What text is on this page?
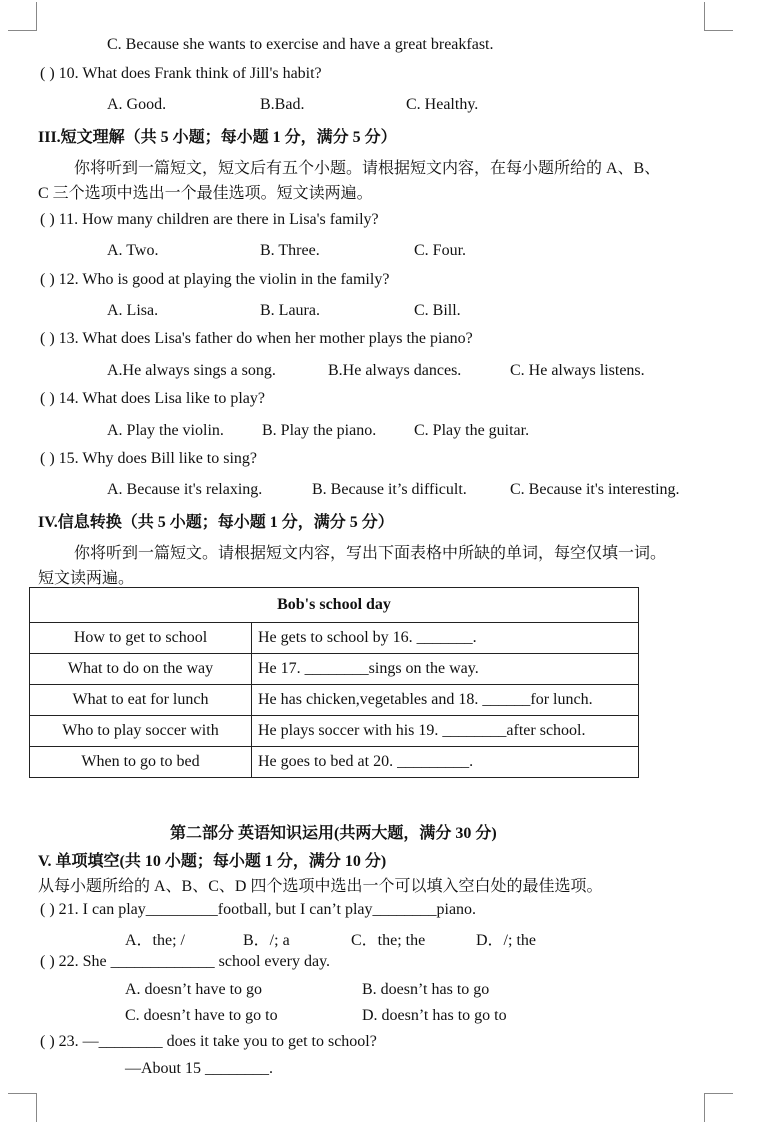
C. Because she wants to exercise and have a great breakfast.
( ) 10. What does Frank think of Jill's habit?
A. Good.	B.Bad.	C. Healthy.
III.短文理解（共 5 小题；每小题 1 分，满分 5 分）
你将听到一篇短文，短文后有五个小题。请根据短文内容，在每小题所给的 A、B、
C 三个选项中选出一个最佳选项。短文读两遍。
( ) 11. How many children are there in Lisa's family?
A. Two.	B. Three.	C. Four.
( ) 12. Who is good at playing the violin in the family?
A. Lisa.	B. Laura.	C. Bill.
( ) 13. What does Lisa's father do when her mother plays the piano?
A.He always sings a song.	B.He always dances.	C. He always listens.
( ) 14. What does Lisa like to play?
A. Play the violin. B. Play the piano. C. Play the guitar.
( ) 15. Why does Bill like to sing?
A. Because it's relaxing.	B. Because it’s difficult.	C. Because it's interesting.
IV.信息转换（共 5 小题；每小题 1 分，满分 5 分）
你将听到一篇短文。请根据短文内容，写出下面表格中所缺的单词，每空仅填一词。
短文读两遍。
Bob's school day	
How to get to school	He gets to school by 16. _______.
What to do on the way	He 17. ________sings on the way.
What to eat for lunch	He has chicken,vegetables and 18. ______for lunch.
Who to play soccer with	He plays soccer with his 19. ________after school.
When to go to bed	He goes to bed at 20. _________.
第二部分 英语知识运用(共两大题，满分 30 分)
V. 单项填空(共 10 小题；每小题 1 分，满分 10 分)
从每小题所给的 A、B、C、D 四个选项中选出一个可以填入空白处的最佳选项。
( ) 21. I can play_________football, but I can’t play________piano.
A．the; /	B．/; a	C．the; the	D．/; the
( ) 22. She _____________ school every day.
A. doesn’t have to go	B. doesn’t has to go
C. doesn’t have to go to	D. doesn’t has to go to
( ) 23. —________ does it take you to get to school?
—About 15 ________.
